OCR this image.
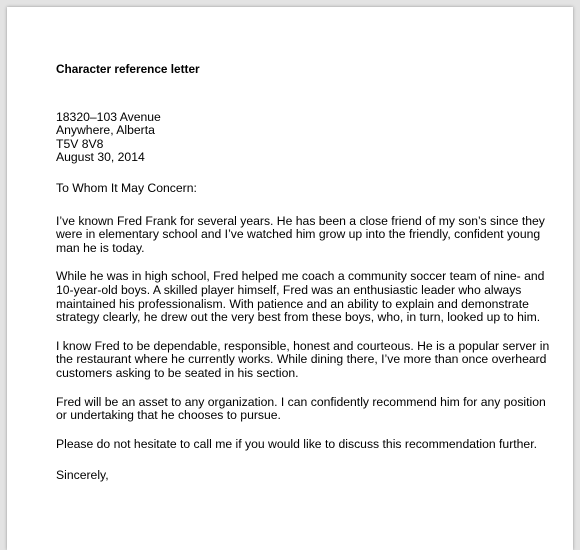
Character reference letter

18320–103 Avenue
Anywhere, Alberta
T5V 8V8
August 30, 2014
To Whom It May Concern:

I’ve known Fred Frank for several years. He has been a close friend of my son’s since they were in elementary school and I’ve watched him grow up into the friendly, confident young man he is today.

While he was in high school, Fred helped me coach a community soccer team of nine- and 10-year-old boys. A skilled player himself, Fred was an enthusiastic leader who always maintained his professionalism. With patience and an ability to explain and demonstrate strategy clearly, he drew out the very best from these boys, who, in turn, looked up to him.

I know Fred to be dependable, responsible, honest and courteous. He is a popular server in the restaurant where he currently works. While dining there, I’ve more than once overheard customers asking to be seated in his section.

Fred will be an asset to any organization. I can confidently recommend him for any position or undertaking that he chooses to pursue.

Please do not hesitate to call me if you would like to discuss this recommendation further.

Sincerely,
